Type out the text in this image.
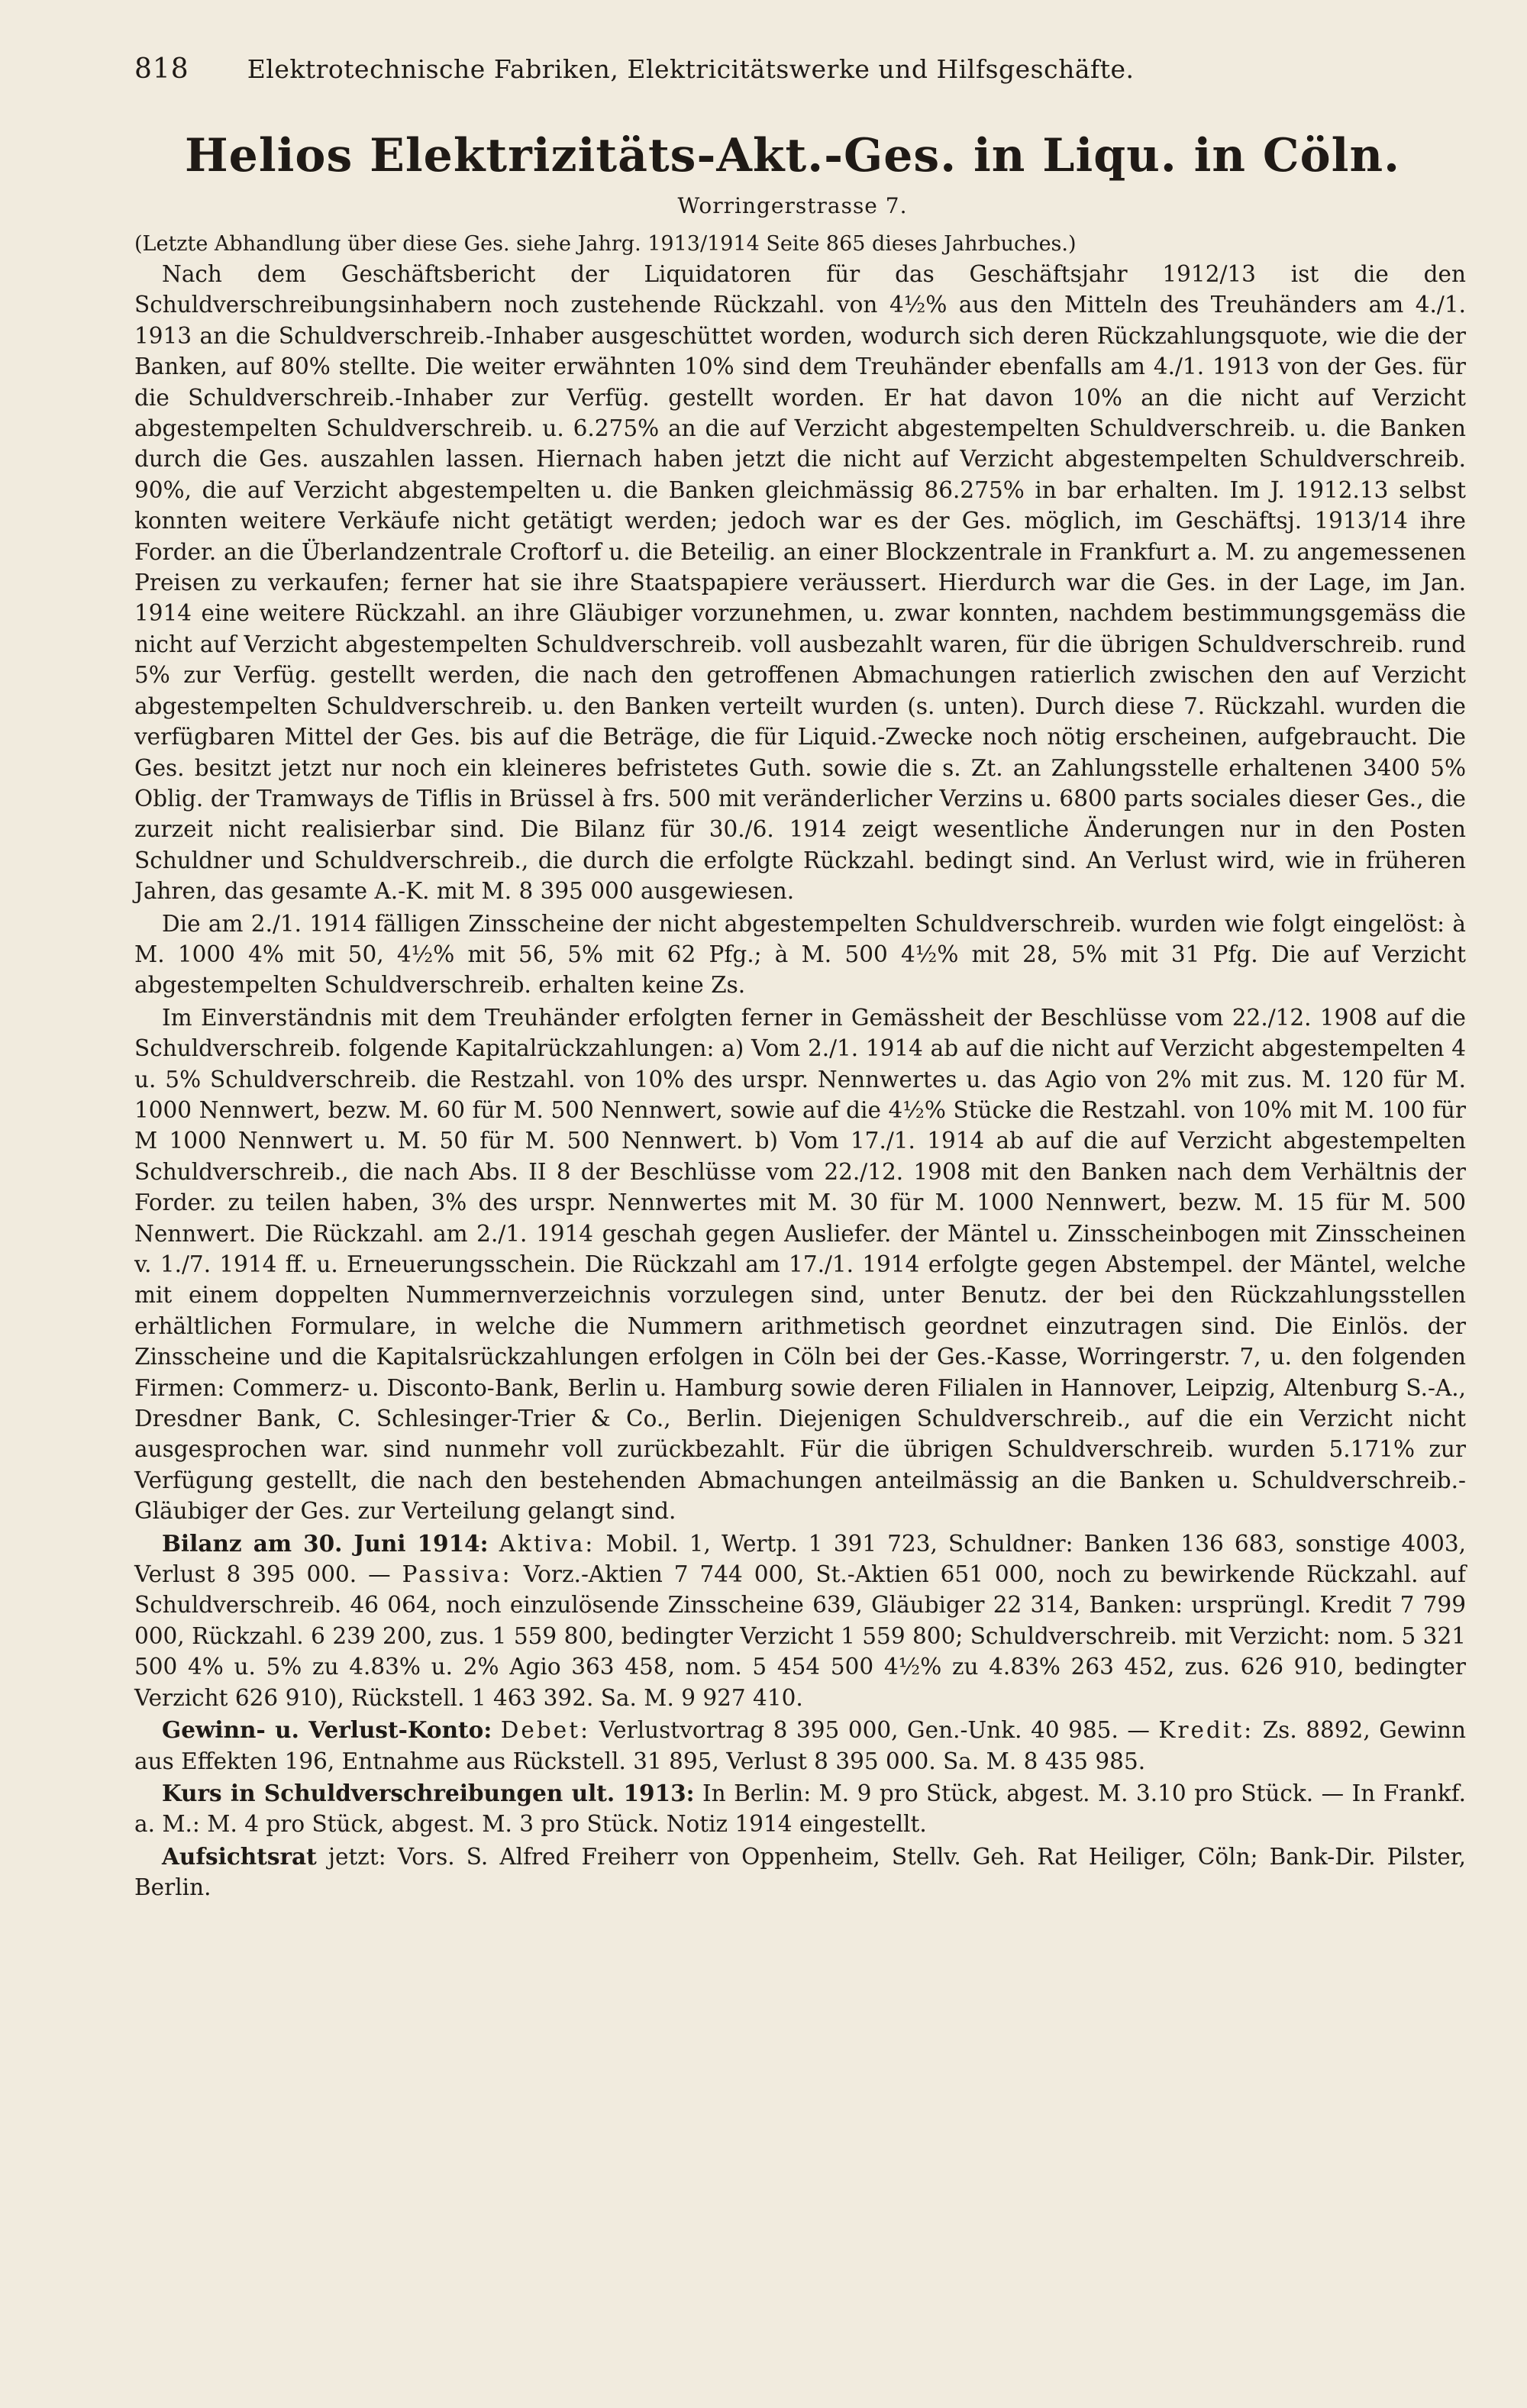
818 Elektrotechnische Fabriken, Elektricitätswerke und Hilfsgeschäfte.
Helios Elektrizitäts-Akt.-Ges. in Liqu. in Cöln.
Worringerstrasse 7.
(Letzte Abhandlung über diese Ges. siehe Jahrg. 1913/1914 Seite 865 dieses Jahrbuches.)

Nach dem Geschäftsbericht der Liquidatoren für das Geschäftsjahr 1912/13 ist die den Schuldverschreibungsinhabern noch zustehende Rückzahl. von 4½% aus den Mitteln des Treuhänders am 4./1. 1913 an die Schuldverschreib.-Inhaber ausgeschüttet worden, wodurch sich deren Rückzahlungsquote, wie die der Banken, auf 80% stellte. Die weiter erwähnten 10% sind dem Treuhänder ebenfalls am 4./1. 1913 von der Ges. für die Schuldverschreib.-Inhaber zur Verfüg. gestellt worden. Er hat davon 10% an die nicht auf Verzicht abgestempelten Schuldverschreib. u. 6.275% an die auf Verzicht abgestempelten Schuldverschreib. u. die Banken durch die Ges. auszahlen lassen. Hiernach haben jetzt die nicht auf Verzicht abgestempelten Schuldverschreib. 90%, die auf Verzicht abgestempelten u. die Banken gleichmässig 86.275% in bar erhalten. Im J. 1912.13 selbst konnten weitere Verkäufe nicht getätigt werden; jedoch war es der Ges. möglich, im Geschäftsj. 1913/14 ihre Forder. an die Überlandzentrale Croftorf u. die Beteilig. an einer Blockzentrale in Frankfurt a. M. zu angemessenen Preisen zu verkaufen; ferner hat sie ihre Staatspapiere veräussert. Hierdurch war die Ges. in der Lage, im Jan. 1914 eine weitere Rückzahl. an ihre Gläubiger vorzunehmen, u. zwar konnten, nachdem bestimmungsgemäss die nicht auf Verzicht abgestempelten Schuldverschreib. voll ausbezahlt waren, für die übrigen Schuldverschreib. rund 5% zur Verfüg. gestellt werden, die nach den getroffenen Abmachungen ratierlich zwischen den auf Verzicht abgestempelten Schuldverschreib. u. den Banken verteilt wurden (s. unten). Durch diese 7. Rückzahl. wurden die verfügbaren Mittel der Ges. bis auf die Beträge, die für Liquid.-Zwecke noch nötig erscheinen, aufgebraucht. Die Ges. besitzt jetzt nur noch ein kleineres befristetes Guth. sowie die s. Zt. an Zahlungsstelle erhaltenen 3400 5% Oblig. der Tramways de Tiflis in Brüssel à frs. 500 mit veränderlicher Verzins u. 6800 parts sociales dieser Ges., die zurzeit nicht realisierbar sind. Die Bilanz für 30./6. 1914 zeigt wesentliche Änderungen nur in den Posten Schuldner und Schuldverschreib., die durch die erfolgte Rückzahl. bedingt sind. An Verlust wird, wie in früheren Jahren, das gesamte A.-K. mit M. 8 395 000 ausgewiesen.

Die am 2./1. 1914 fälligen Zinsscheine der nicht abgestempelten Schuldverschreib. wurden wie folgt eingelöst: à M. 1000 4% mit 50, 4½% mit 56, 5% mit 62 Pfg.; à M. 500 4½% mit 28, 5% mit 31 Pfg. Die auf Verzicht abgestempelten Schuldverschreib. erhalten keine Zs.

Im Einverständnis mit dem Treuhänder erfolgten ferner in Gemässheit der Beschlüsse vom 22./12. 1908 auf die Schuldverschreib. folgende Kapitalrückzahlungen: a) Vom 2./1. 1914 ab auf die nicht auf Verzicht abgestempelten 4 u. 5% Schuldverschreib. die Restzahl. von 10% des urspr. Nennwertes u. das Agio von 2% mit zus. M. 120 für M. 1000 Nennwert, bezw. M. 60 für M. 500 Nennwert, sowie auf die 4½% Stücke die Restzahl. von 10% mit M. 100 für M 1000 Nennwert u. M. 50 für M. 500 Nennwert. b) Vom 17./1. 1914 ab auf die auf Verzicht abgestempelten Schuldverschreib., die nach Abs. II 8 der Beschlüsse vom 22./12. 1908 mit den Banken nach dem Verhältnis der Forder. zu teilen haben, 3% des urspr. Nennwertes mit M. 30 für M. 1000 Nennwert, bezw. M. 15 für M. 500 Nennwert. Die Rückzahl. am 2./1. 1914 geschah gegen Ausliefer. der Mäntel u. Zinsscheinbogen mit Zinsscheinen v. 1./7. 1914 ff. u. Erneuerungsschein. Die Rückzahl am 17./1. 1914 erfolgte gegen Abstempel. der Mäntel, welche mit einem doppelten Nummernverzeichnis vorzulegen sind, unter Benutz. der bei den Rückzahlungsstellen erhältlichen Formulare, in welche die Nummern arithmetisch geordnet einzutragen sind. Die Einlös. der Zinsscheine und die Kapitalsrückzahlungen erfolgen in Cöln bei der Ges.-Kasse, Worringerstr. 7, u. den folgenden Firmen: Commerz- u. Disconto-Bank, Berlin u. Hamburg sowie deren Filialen in Hannover, Leipzig, Altenburg S.-A., Dresdner Bank, C. Schlesinger-Trier & Co., Berlin. Diejenigen Schuldverschreib., auf die ein Verzicht nicht ausgesprochen war. sind nunmehr voll zurückbezahlt. Für die übrigen Schuldverschreib. wurden 5.171% zur Verfügung gestellt, die nach den bestehenden Abmachungen anteilmässig an die Banken u. Schuldverschreib.-Gläubiger der Ges. zur Verteilung gelangt sind.

Bilanz am 30. Juni 1914: Aktiva: Mobil. 1, Wertp. 1 391 723, Schuldner: Banken 136 683, sonstige 4003, Verlust 8 395 000. — Passiva: Vorz.-Aktien 7 744 000, St.-Aktien 651 000, noch zu bewirkende Rückzahl. auf Schuldverschreib. 46 064, noch einzulösende Zinsscheine 639, Gläubiger 22 314, Banken: ursprüngl. Kredit 7 799 000, Rückzahl. 6 239 200, zus. 1 559 800, bedingter Verzicht 1 559 800; Schuldverschreib. mit Verzicht: nom. 5 321 500 4% u. 5% zu 4.83% u. 2% Agio 363 458, nom. 5 454 500 4½% zu 4.83% 263 452, zus. 626 910, bedingter Verzicht 626 910), Rückstell. 1 463 392. Sa. M. 9 927 410.

Gewinn- u. Verlust-Konto: Debet: Verlustvortrag 8 395 000, Gen.-Unk. 40 985. — Kredit: Zs. 8892, Gewinn aus Effekten 196, Entnahme aus Rückstell. 31 895, Verlust 8 395 000. Sa. M. 8 435 985.

Kurs in Schuldverschreibungen ult. 1913: In Berlin: M. 9 pro Stück, abgest. M. 3.10 pro Stück. — In Frankf. a. M.: M. 4 pro Stück, abgest. M. 3 pro Stück. Notiz 1914 eingestellt.

Aufsichtsrat jetzt: Vors. S. Alfred Freiherr von Oppenheim, Stellv. Geh. Rat Heiliger, Cöln; Bank-Dir. Pilster, Berlin.
